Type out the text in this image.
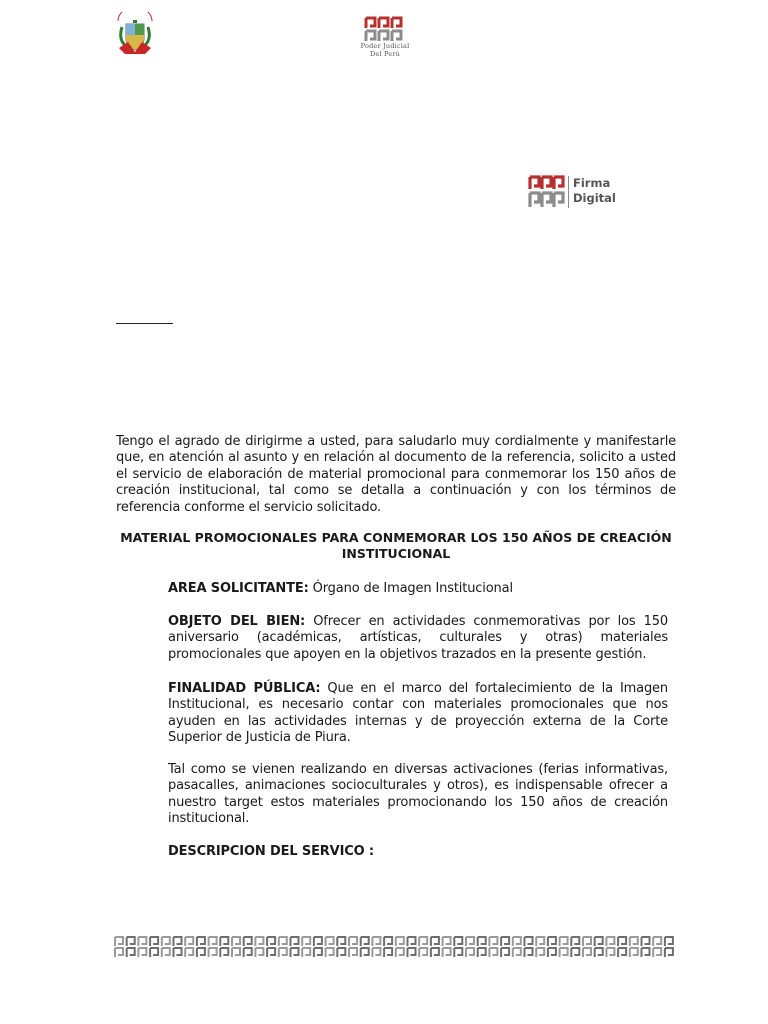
Poder Judicial
Del Perú
Firma
Digital

Tengo el agrado de dirigirme a usted, para saludarlo muy cordialmente y manifestarle que, en atención al asunto y en relación al documento de la referencia, solicito a usted el servicio de elaboración de material promocional para conmemorar los 150 años de creación institucional, tal como se detalla a continuación y con los términos de referencia conforme el servicio solicitado.

MATERIAL PROMOCIONALES PARA CONMEMORAR LOS 150 AÑOS DE CREACIÓN INSTITUCIONAL

AREA SOLICITANTE: Órgano de Imagen Institucional

OBJETO DEL BIEN: Ofrecer en actividades conmemorativas por los 150 aniversario (académicas, artísticas, culturales y otras) materiales promocionales que apoyen en la objetivos trazados en la presente gestión.

FINALIDAD PÚBLICA: Que en el marco del fortalecimiento de la Imagen Institucional, es necesario contar con materiales promocionales que nos ayuden en las actividades internas y de proyección externa de la Corte Superior de Justicia de Piura.

Tal como se vienen realizando en diversas activaciones (ferias informativas, pasacalles, animaciones socioculturales y otros), es indispensable ofrecer a nuestro target estos materiales promocionando los 150 años de creación institucional.

DESCRIPCION DEL SERVICO :
